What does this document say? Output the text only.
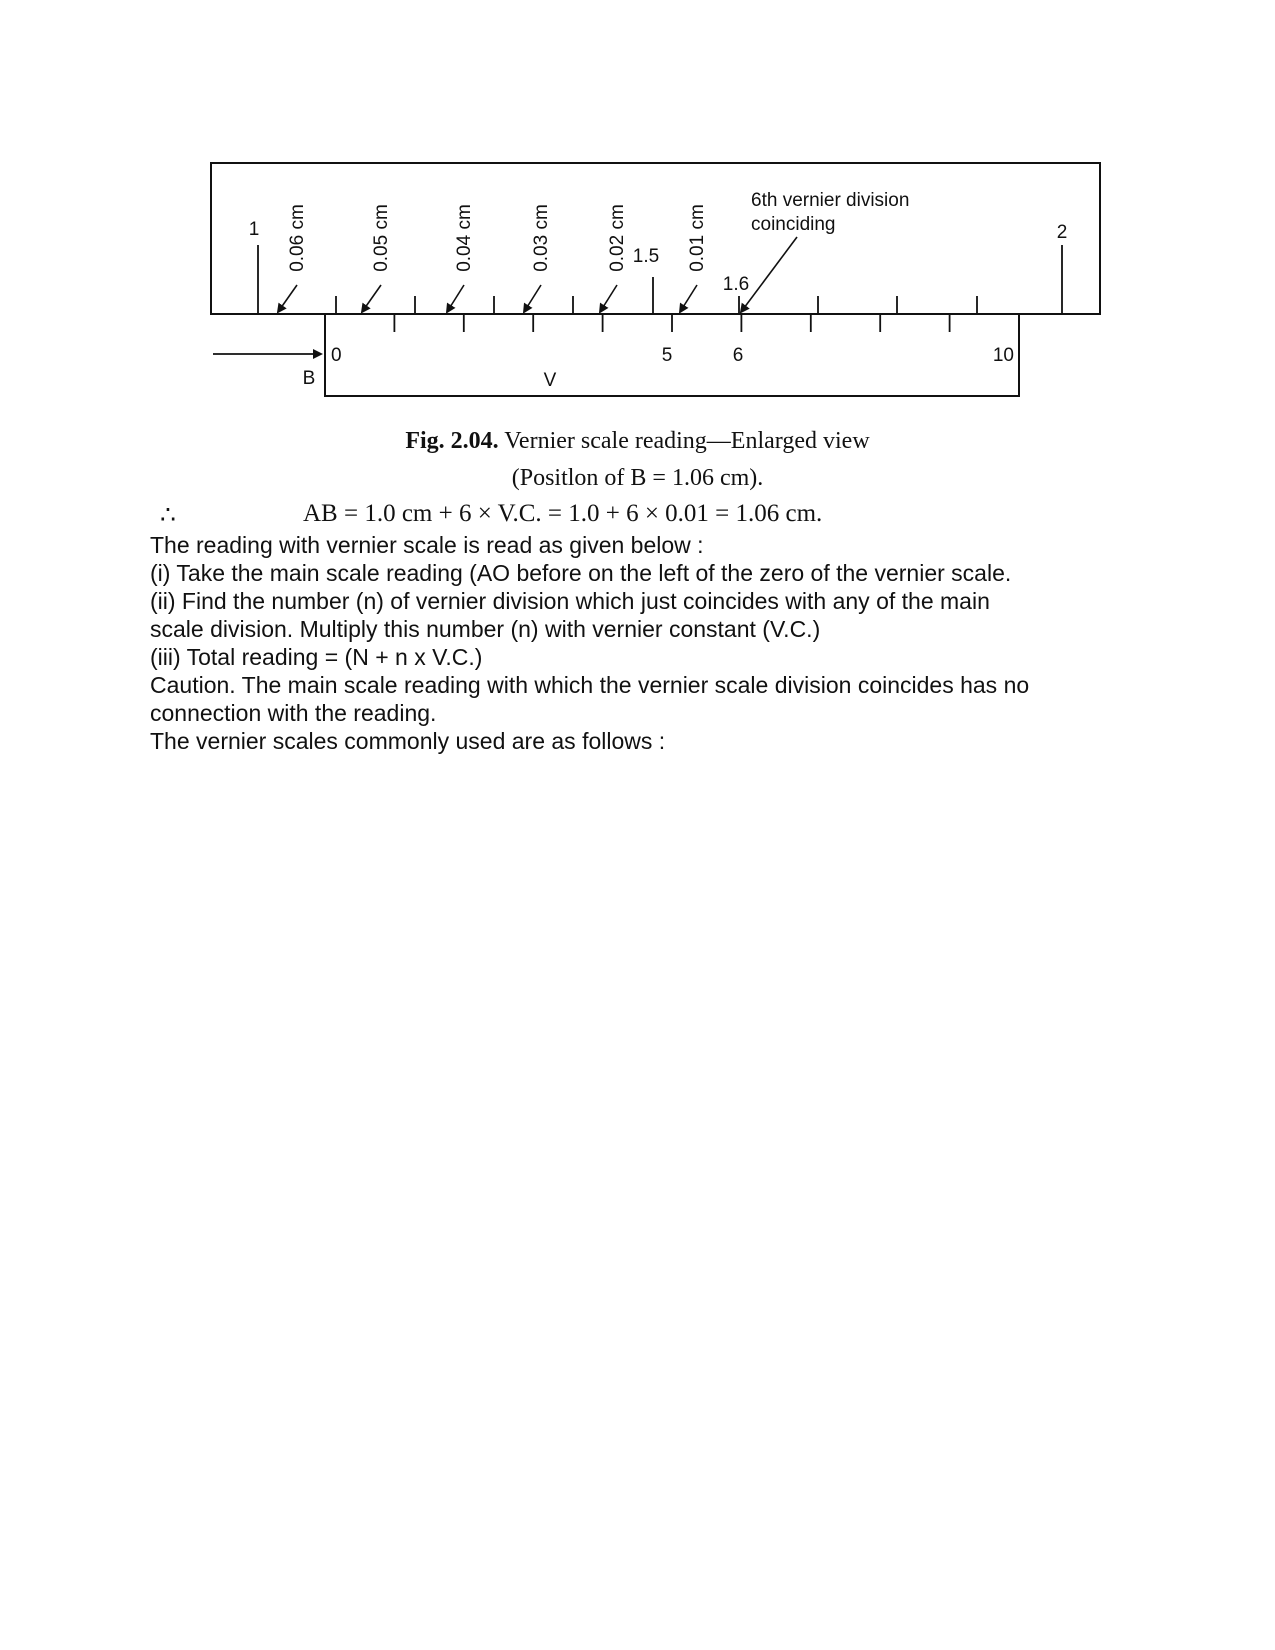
1	2
1.5
1.6
6th vernier division
coinciding
0.06 cm	0.05 cm	0.04 cm	0.03 cm	0.02 cm	0.01 cm
0	5	6	10
V
B
Fig. 2.04. Vernier scale reading—Enlarged view
(Positlon of B = 1.06 cm).
∴	AB = 1.0 cm + 6 × V.C. = 1.0 + 6 × 0.01 = 1.06 cm.
The reading with vernier scale is read as given below :
(i) Take the main scale reading (AO before on the left of the zero of the vernier scale.
(ii) Find the number (n) of vernier division which just coincides with any of the main
scale division. Multiply this number (n) with vernier constant (V.C.)
(iii) Total reading = (N + n x V.C.)
Caution. The main scale reading with which the vernier scale division coincides has no
connection with the reading.
The vernier scales commonly used are as follows :
